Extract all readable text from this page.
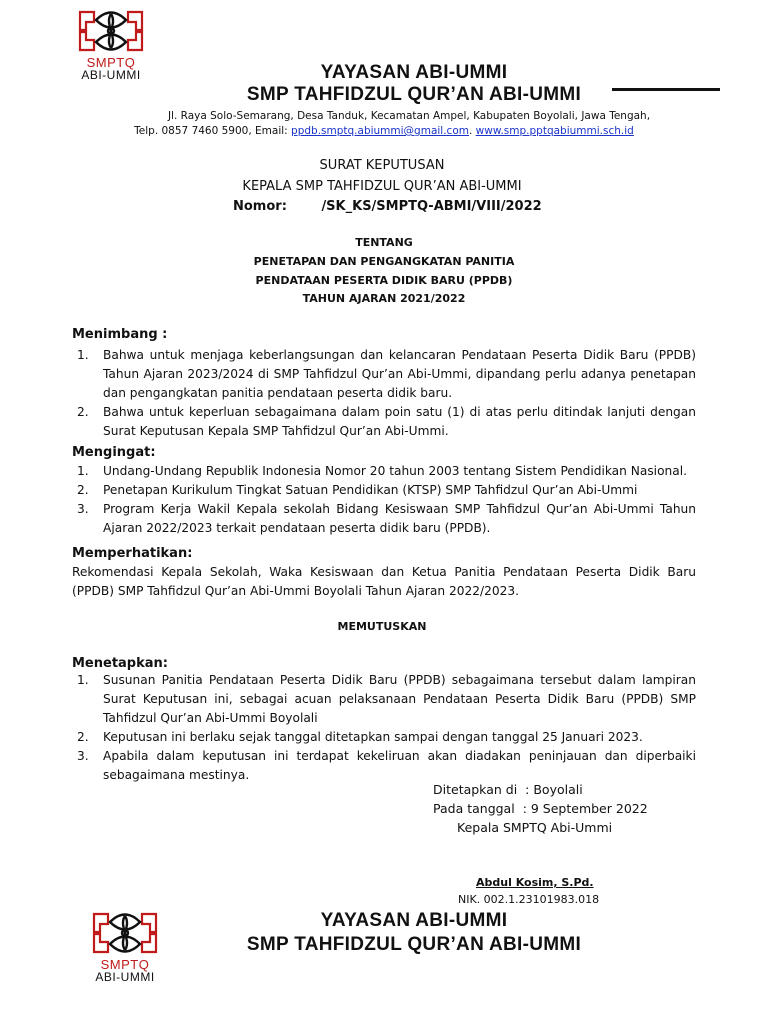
SMPTQ
ABI-UMMI	YAYASAN ABI-UMMI
SMP TAHFIDZUL QUR’AN ABI-UMMI
Jl. Raya Solo-Semarang, Desa Tanduk, Kecamatan Ampel, Kabupaten Boyolali, Jawa Tengah,
Telp. 0857 7460 5900, Email: ppdb.smptq.abiummi@gmail.com. www.smp.pptqabiummi.sch.id
SURAT KEPUTUSAN
KEPALA SMP TAHFIDZUL QUR’AN ABI-UMMI
Nomor:	/SK_KS/SMPTQ-ABMI/VIII/2022
TENTANG
PENETAPAN DAN PENGANGKATAN PANITIA
PENDATAAN PESERTA DIDIK BARU (PPDB)
TAHUN AJARAN 2021/2022
Menimbang :
1. Bahwa untuk menjaga keberlangsungan dan kelancaran Pendataan Peserta Didik Baru (PPDB) Tahun Ajaran 2023/2024 di SMP Tahfidzul Qur’an Abi-Ummi, dipandang perlu adanya penetapan dan pengangkatan panitia pendataan peserta didik baru.
2. Bahwa untuk keperluan sebagaimana dalam poin satu (1) di atas perlu ditindak lanjuti dengan Surat Keputusan Kepala SMP Tahfidzul Qur’an Abi-Ummi.
Mengingat:
1. Undang-Undang Republik Indonesia Nomor 20 tahun 2003 tentang Sistem Pendidikan Nasional.
2. Penetapan Kurikulum Tingkat Satuan Pendidikan (KTSP) SMP Tahfidzul Qur’an Abi-Ummi
3. Program Kerja Wakil Kepala sekolah Bidang Kesiswaan SMP Tahfidzul Qur’an Abi-Ummi Tahun Ajaran 2022/2023 terkait pendataan peserta didik baru (PPDB).
Memperhatikan:
Rekomendasi Kepala Sekolah, Waka Kesiswaan dan Ketua Panitia Pendataan Peserta Didik Baru (PPDB) SMP Tahfidzul Qur’an Abi-Ummi Boyolali Tahun Ajaran 2022/2023.
MEMUTUSKAN
Menetapkan:
1. Susunan Panitia Pendataan Peserta Didik Baru (PPDB) sebagaimana tersebut dalam lampiran Surat Keputusan ini, sebagai acuan pelaksanaan Pendataan Peserta Didik Baru (PPDB) SMP Tahfidzul Qur’an Abi-Ummi Boyolali
2. Keputusan ini berlaku sejak tanggal ditetapkan sampai dengan tanggal 25 Januari 2023.
3. Apabila dalam keputusan ini terdapat kekeliruan akan diadakan peninjauan dan diperbaiki sebagaimana mestinya.
Ditetapkan di : Boyolali
Pada tanggal : 9 September 2022
Kepala SMPTQ Abi-Ummi
Abdul Kosim, S.Pd.
NIK. 002.1.23101983.018
SMPTQ
ABI-UMMI
YAYASAN ABI-UMMI
SMP TAHFIDZUL QUR’AN ABI-UMMI
